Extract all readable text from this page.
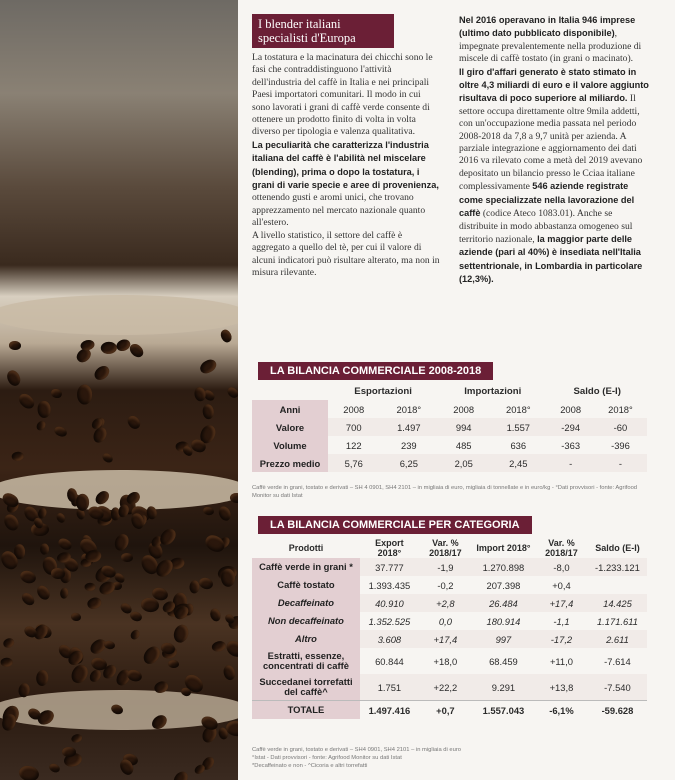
I blender italiani
specialisti d'Europa

La tostatura e la macinatura dei chicchi sono le fasi che contraddistinguono l'attività dell'industria del caffè in Italia e nei principali Paesi importatori comunitari. Il modo in cui sono lavorati i grani di caffè verde consente di ottenere un prodotto finito di volta in volta diverso per tipologia e valenza qualitativa.

La peculiarità che caratterizza l'industria italiana del caffè è l'abilità nel miscelare (blending), prima o dopo la tostatura, i grani di varie specie e aree di provenienza, ottenendo gusti e aromi unici, che trovano apprezzamento nel mercato nazionale quanto all'estero.

A livello statistico, il settore del caffè è aggregato a quello del tè, per cui il valore di alcuni indicatori può risultare alterato, ma non in misura rilevante.

Nel 2016 operavano in Italia 946 imprese (ultimo dato pubblicato disponibile), impegnate prevalentemente nella produzione di miscele di caffè tostato (in grani o macinato).

Il giro d'affari generato è stato stimato in oltre 4,3 miliardi di euro e il valore aggiunto risultava di poco superiore al miliardo. Il settore occupa direttamente oltre 9mila addetti, con un'occupazione media passata nel periodo 2008-2018 da 7,8 a 9,7 unità per azienda. A parziale integrazione e aggiornamento dei dati 2016 va rilevato come a metà del 2019 avevano depositato un bilancio presso le Cciaa italiane complessivamente 546 aziende registrate come specializzate nella lavorazione del caffè (codice Ateco 1083.01). Anche se distribuite in modo abbastanza omogeneo sul territorio nazionale, la maggior parte delle aziende (pari al 40%) è insediata nell'Italia settentrionale, in Lombardia in particolare (12,3%).

LA BILANCIA COMMERCIALE 2008-2018
	Esportazioni		Importazioni		Saldo (E-I)	
Anni	2008	2018°	2008	2018°	2008	2018°
Valore	700	1.497	994	1.557	-294	-60
Volume	122	239	485	636	-363	-396
Prezzo medio	5,76	6,25	2,05	2,45	-	-
Caffè verde in grani, tostato e derivati – SH 4 0901, SH4 2101 – in migliaia di euro, migliaia di tonnellate e in euro/kg - °Dati provvisori - fonte: Agrifood Monitor su dati Istat
LA BILANCIA COMMERCIALE PER CATEGORIA
Prodotti	Export 2018°	Var. % 2018/17	Import 2018°	Var. % 2018/17	Saldo (E-I)
Caffè verde in grani *	37.777	-1,9	1.270.898	-8,0	-1.233.121
Caffè tostato	1.393.435	-0,2	207.398	+0,4	
Decaffeinato	40.910	+2,8	26.484	+17,4	14.425
Non decaffeinato	1.352.525	0,0	180.914	-1,1	1.171.611
Altro	3.608	+17,4	997	-17,2	2.611
Estratti, essenze, concentrati di caffè	60.844	+18,0	68.459	+11,0	-7.614
Succedanei torrefatti del caffè^	1.751	+22,2	9.291	+13,8	-7.540
TOTALE	1.497.416	+0,7	1.557.043	-6,1%	-59.628
Caffè verde in grani, tostato e derivati – SH4 0901, SH4 2101 – in migliaia di euro
°Istat - Dati provvisori - fonte: Agrifood Monitor su dati Istat
*Decaffeinato e non - ^Cicoria e altri torrefatti
